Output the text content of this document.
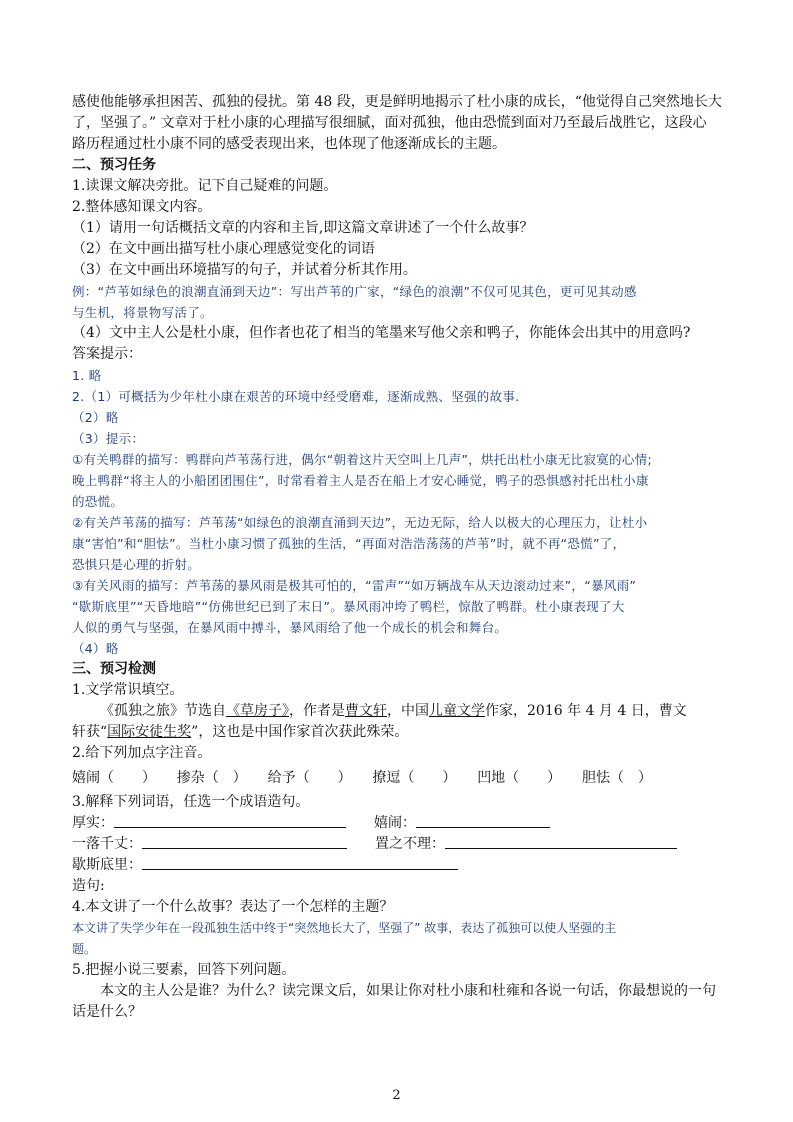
感使他能够承担困苦、孤独的侵扰。第 48 段，更是鲜明地揭示了杜小康的成长，“他觉得自己突然地长大
了，坚强了。” 文章对于杜小康的心理描写很细腻，面对孤独，他由恐慌到面对乃至最后战胜它，这段心
路历程通过杜小康不同的感受表现出来，也体现了他逐渐成长的主题。
二、预习任务
1.读课文解决旁批。记下自己疑难的问题。
2.整体感知课文内容。
（1）请用一句话概括文章的内容和主旨,即这篇文章讲述了一个什么故事？
（2）在文中画出描写杜小康心理感觉变化的词语
（3）在文中画出环境描写的句子，并试着分析其作用。
例：“芦苇如绿色的浪潮直涌到天边”：写出芦苇的广家，“绿色的浪潮”不仅可见其色，更可见其动感
与生机，将景物写活了。
（4）文中主人公是杜小康，但作者也花了相当的笔墨来写他父亲和鸭子，你能体会出其中的用意吗?
答案提示：
1. 略
2.（1）可概括为少年杜小康在艰苦的环境中经受磨难，逐渐成熟、坚强的故事.
（2）略
（3）提示：
①有关鸭群的描写：鸭群向芦苇荡行进，偶尔“朝着这片天空叫上几声”，烘托出杜小康无比寂寞的心情;
晚上鸭群“将主人的小船团团围住”，时常看着主人是否在船上才安心睡觉，鸭子的恐惧感衬托出杜小康
的恐慌。
②有关芦苇荡的描写：芦苇荡“如绿色的浪潮直涌到天边”，无边无际，给人以极大的心理压力，让杜小
康“害怕”和“胆怯”。当杜小康习惯了孤独的生活，“再面对浩浩荡荡的芦苇”时，就不再“恐慌”了，
恐惧只是心理的折射。
③有关风雨的描写：芦苇荡的暴风雨是极其可怕的，“雷声”“如万辆战车从天边滚动过来”，“暴风雨”
“歇斯底里”“天昏地暗”“仿佛世纪已到了末日”。暴风雨冲垮了鸭栏，惊散了鸭群。杜小康表现了大
人似的勇气与坚强，在暴风雨中搏斗，暴风雨给了他一个成长的机会和舞台。
（4）略
三、预习检测
1.文学常识填空。
《孤独之旅》节选自《草房子》，作者是曹文轩，中国儿童文学作家，2016 年 4 月 4 日，曹文
轩获“国际安徒生奖”，这也是中国作家首次获此殊荣。
2.给下列加点字注音。
嬉闹（　　） 掺杂（　） 给予（　　） 撩逗（　　） 凹地（　　） 胆怯（　）
3.解释下列词语，任选一个成语造句。
厚实：	嬉闹：
一落千丈：	置之不理：
歇斯底里：
造句:
4.本文讲了一个什么故事？表达了一个怎样的主题？
本文讲了失学少年在一段孤独生活中终于“突然地长大了，坚强了” 故事，表达了孤独可以使人坚强的主
题。
5.把握小说三要素，回答下列问题。
本文的主人公是谁？为什么？读完课文后，如果让你对杜小康和杜雍和各说一句话，你最想说的一句
话是什么？
2
